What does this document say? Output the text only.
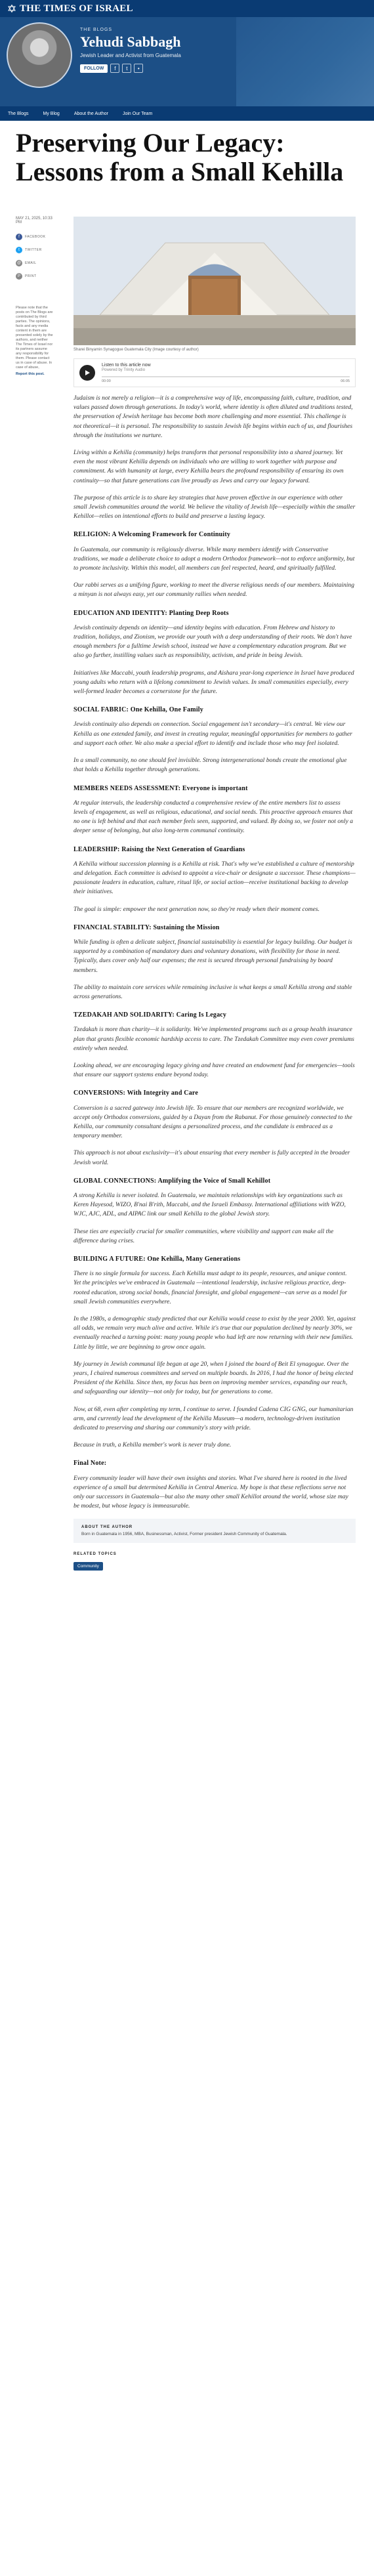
THE TIMES OF ISRAEL
THE BLOGS
Yehudi Sabbagh
Jewish Leader and Activist from Guatemala
FOLLOW	f	t	•
The Blogs	My Blog	About the Author	Join Our Team
Preserving Our Legacy: Lessons from a Small Kehilla
MAY 21, 2025, 10:33 PM
f	FACEBOOK
t	TWITTER
@	EMAIL
P	PRINT
Please note that the posts on The Blogs are contributed by third parties. The opinions, facts and any media content in them are presented solely by the authors, and neither The Times of Israel nor its partners assume any responsibility for them. Please contact us in case of abuse. In case of abuse,
Report this post.
Sharei Binyamin Synagogue Guatemala City (Image courtesy of author)
Listen to this article now
Powered by Trinity Audio
00:00	06:05

Judaism is not merely a religion—it is a comprehensive way of life, encompassing faith, culture, tradition, and values passed down through generations. In today's world, where identity is often diluted and traditions tested, the preservation of Jewish heritage has become both more challenging and more essential. This challenge is not theoretical—it is personal. The responsibility to sustain Jewish life begins within each of us, and flourishes through the institutions we nurture.

Living within a Kehilla (community) helps transform that personal responsibility into a shared journey. Yet even the most vibrant Kehilla depends on individuals who are willing to work together with purpose and commitment. As with humanity at large, every Kehilla bears the profound responsibility of ensuring its own continuity—so that future generations can live proudly as Jews and carry our legacy forward.

The purpose of this article is to share key strategies that have proven effective in our experience with other small Jewish communities around the world. We believe the vitality of Jewish life—especially within the smaller Kehillot—relies on intentional efforts to build and preserve a lasting legacy.

RELIGION: A Welcoming Framework for Continuity

In Guatemala, our community is religiously diverse. While many members identify with Conservative traditions, we made a deliberate choice to adopt a modern Orthodox framework—not to enforce uniformity, but to promote inclusivity. Within this model, all members can feel respected, heard, and spiritually fulfilled.

Our rabbi serves as a unifying figure, working to meet the diverse religious needs of our members. Maintaining a minyan is not always easy, yet our community rallies when needed.

EDUCATION AND IDENTITY: Planting Deep Roots

Jewish continuity depends on identity—and identity begins with education. From Hebrew and history to tradition, holidays, and Zionism, we provide our youth with a deep understanding of their roots. We don't have enough members for a fulltime Jewish school, instead we have a complementary education program. But we also go further, instilling values such as responsibility, activism, and pride in being Jewish.

Initiatives like Maccabi, youth leadership programs, and Aishara year-long experience in Israel have produced young adults who return with a lifelong commitment to Jewish values. In small communities especially, every well-formed leader becomes a cornerstone for the future.

SOCIAL FABRIC: One Kehilla, One Family

Jewish continuity also depends on connection. Social engagement isn't secondary—it's central. We view our Kehilla as one extended family, and invest in creating regular, meaningful opportunities for members to gather and support each other. We also make a special effort to identify and include those who may feel isolated.

In a small community, no one should feel invisible. Strong intergenerational bonds create the emotional glue that holds a Kehilla together through generations.

MEMBERS NEEDS ASSESSMENT: Everyone is important

At regular intervals, the leadership conducted a comprehensive review of the entire members list to assess levels of engagement, as well as religious, educational, and social needs. This proactive approach ensures that no one is left behind and that each member feels seen, supported, and valued. By doing so, we foster not only a deeper sense of belonging, but also long-term communal continuity.

LEADERSHIP: Raising the Next Generation of Guardians

A Kehilla without succession planning is a Kehilla at risk. That's why we've established a culture of mentorship and delegation. Each committee is advised to appoint a vice-chair or designate a successor. These champions—passionate leaders in education, culture, ritual life, or social action—receive institutional backing to develop their initiatives.

The goal is simple: empower the next generation now, so they're ready when their moment comes.

FINANCIAL STABILITY: Sustaining the Mission

While funding is often a delicate subject, financial sustainability is essential for legacy building. Our budget is supported by a combination of mandatory dues and voluntary donations, with flexibility for those in need. Typically, dues cover only half our expenses; the rest is secured through personal fundraising by board members.

The ability to maintain core services while remaining inclusive is what keeps a small Kehilla strong and stable across generations.

TZEDAKAH AND SOLIDARITY: Caring Is Legacy

Tzedakah is more than charity—it is solidarity. We've implemented programs such as a group health insurance plan that grants flexible economic hardship access to care. The Tzedakah Committee may even cover premiums entirely when needed.

Looking ahead, we are encouraging legacy giving and have created an endowment fund for emergencies—tools that ensure our support systems endure beyond today.

CONVERSIONS: With Integrity and Care

Conversion is a sacred gateway into Jewish life. To ensure that our members are recognized worldwide, we accept only Orthodox conversions, guided by a Dayan from the Rabanut. For those genuinely connected to the Kehilla, our community consultant designs a personalized process, and the candidate is embraced as a temporary member.

This approach is not about exclusivity—it's about ensuring that every member is fully accepted in the broader Jewish world.

GLOBAL CONNECTIONS: Amplifying the Voice of Small Kehillot

A strong Kehilla is never isolated. In Guatemala, we maintain relationships with key organizations such as Keren Hayesod, WIZO, B'nai B'rith, Maccabi, and the Israeli Embassy. International affiliations with WZO, WJC, AJC, ADL, and AIPAC link our small Kehilla to the global Jewish story.

These ties are especially crucial for smaller communities, where visibility and support can make all the difference during crises.

BUILDING A FUTURE: One Kehilla, Many Generations

There is no single formula for success. Each Kehilla must adapt to its people, resources, and unique context. Yet the principles we've embraced in Guatemala —intentional leadership, inclusive religious practice, deep-rooted education, strong social bonds, financial foresight, and global engagement—can serve as a model for small Jewish communities everywhere.

In the 1980s, a demographic study predicted that our Kehilla would cease to exist by the year 2000. Yet, against all odds, we remain very much alive and active. While it's true that our population declined by nearly 30%, we eventually reached a turning point: many young people who had left are now returning with their new families. Little by little, we are beginning to grow once again.

My journey in Jewish communal life began at age 20, when I joined the board of Beit El synagogue. Over the years, I chaired numerous committees and served on multiple boards. In 2016, I had the honor of being elected President of the Kehilla. Since then, my focus has been on improving member services, expanding our reach, and safeguarding our identity—not only for today, but for generations to come.

Now, at 68, even after completing my term, I continue to serve. I founded Cadena CIG GNG, our humanitarian arm, and currently lead the development of the Kehilla Museum—a modern, technology-driven institution dedicated to preserving and sharing our community's story with pride.

Because in truth, a Kehilla member's work is never truly done.

Final Note:

Every community leader will have their own insights and stories. What I've shared here is rooted in the lived experience of a small but determined Kehilla in Central America. My hope is that these reflections serve not only our successors in Guatemala—but also the many other small Kehillot around the world, whose size may be modest, but whose legacy is immeasurable.

ABOUT THE AUTHOR
Born in Guatemala in 1956, MBA, Businessman, Activist, Former president Jewish Community of Guatemala.
RELATED TOPICS
Community
